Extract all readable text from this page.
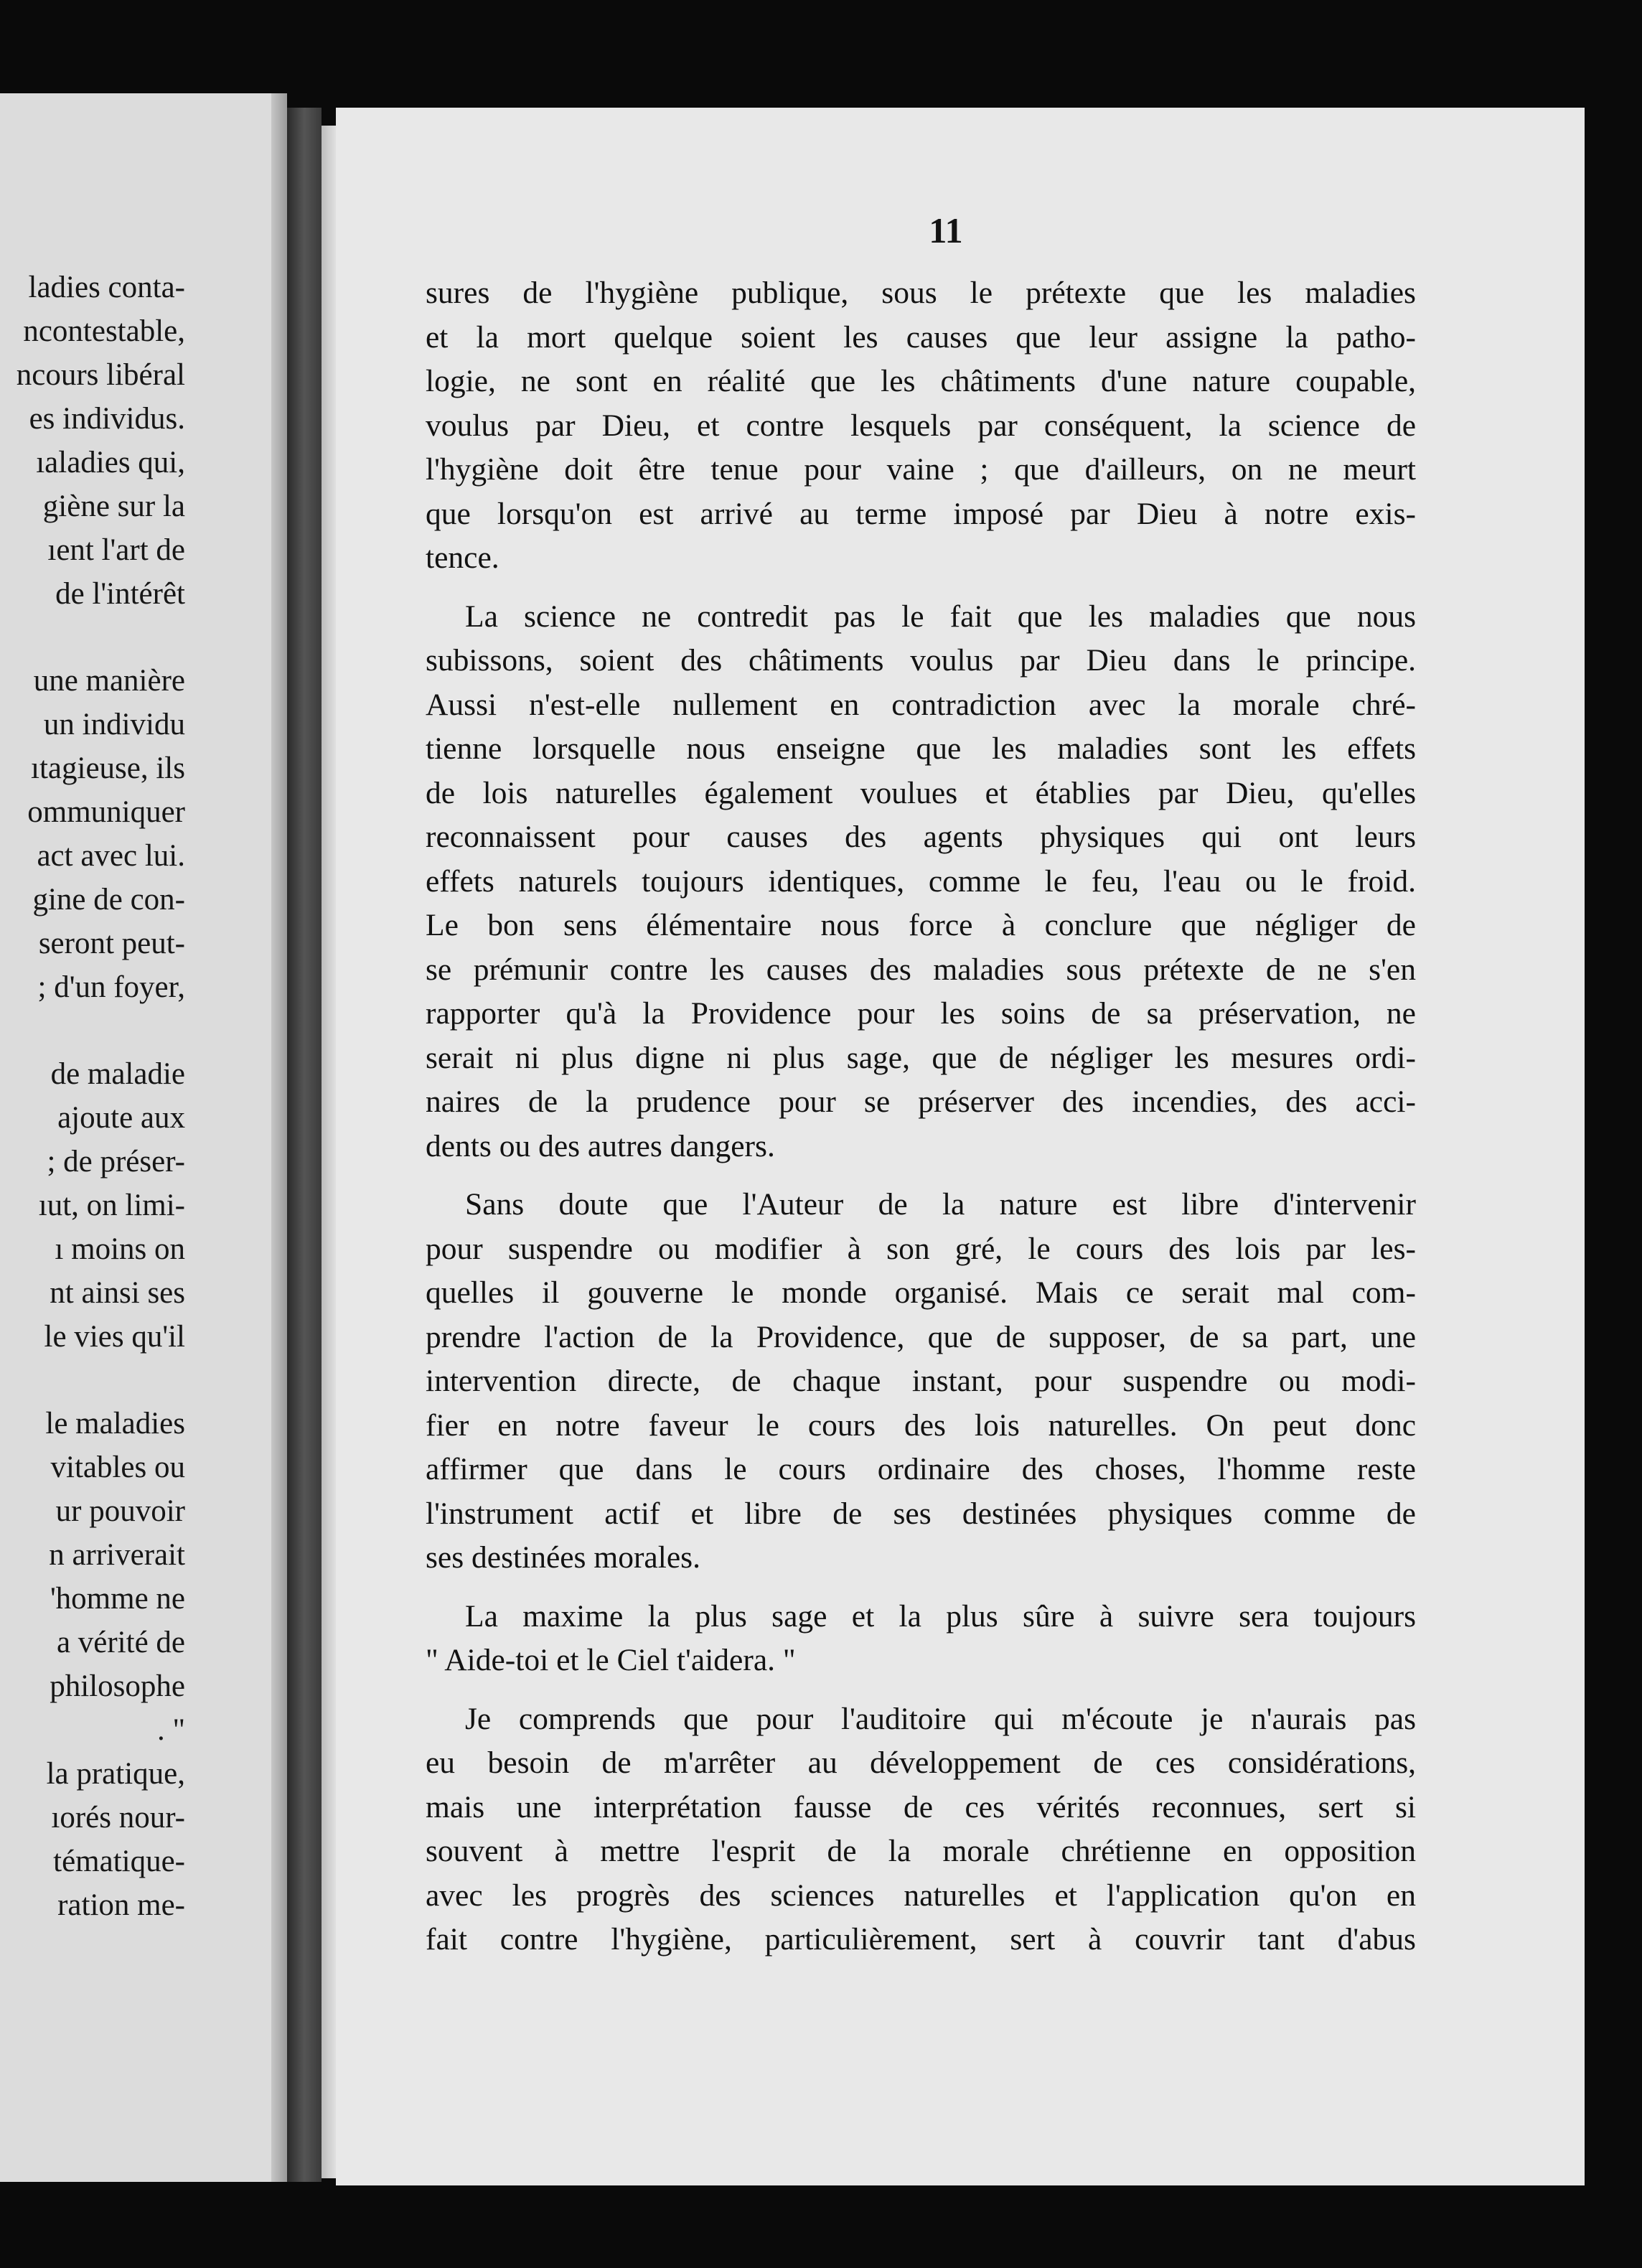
ladies conta-
ncontestable,
ncours libéral
es individus.
ıaladies qui,
giène sur la
ıent l'art de
de l'intérêt
une manière
un individu
ıtagieuse, ils
ommuniquer
act avec lui.
gine de con-
seront peut-
; d'un foyer,
de maladie
ajoute aux
; de préser-
ıut, on limi-
ı moins on
nt ainsi ses
le vies qu'il
le maladies
vitables ou
ur pouvoir
n arriverait
'homme ne
a vérité de
philosophe
. "
la pratique,
ıorés nour-
tématique-
ration me-
11
sures de l'hygiène publique, sous le prétexte que les maladies
et la mort quelque soient les causes que leur assigne la patho-
logie, ne sont en réalité que les châtiments d'une nature coupable,
voulus par Dieu, et contre lesquels par conséquent, la science de
l'hygiène doit être tenue pour vaine ; que d'ailleurs, on ne meurt
que lorsqu'on est arrivé au terme imposé par Dieu à notre exis-
tence.
La science ne contredit pas le fait que les maladies que nous
subissons, soient des châtiments voulus par Dieu dans le principe.
Aussi n'est-elle nullement en contradiction avec la morale chré-
tienne lorsquelle nous enseigne que les maladies sont les effets
de lois naturelles également voulues et établies par Dieu, qu'elles
reconnaissent pour causes des agents physiques qui ont leurs
effets naturels toujours identiques, comme le feu, l'eau ou le froid.
Le bon sens élémentaire nous force à conclure que négliger de
se prémunir contre les causes des maladies sous prétexte de ne s'en
rapporter qu'à la Providence pour les soins de sa préservation, ne
serait ni plus digne ni plus sage, que de négliger les mesures ordi-
naires de la prudence pour se préserver des incendies, des acci-
dents ou des autres dangers.
Sans doute que l'Auteur de la nature est libre d'intervenir
pour suspendre ou modifier à son gré, le cours des lois par les-
quelles il gouverne le monde organisé. Mais ce serait mal com-
prendre l'action de la Providence, que de supposer, de sa part, une
intervention directe, de chaque instant, pour suspendre ou modi-
fier en notre faveur le cours des lois naturelles. On peut donc
affirmer que dans le cours ordinaire des choses, l'homme reste
l'instrument actif et libre de ses destinées physiques comme de
ses destinées morales.
La maxime la plus sage et la plus sûre à suivre sera toujours
" Aide-toi et le Ciel t'aidera. "
Je comprends que pour l'auditoire qui m'écoute je n'aurais pas
eu besoin de m'arrêter au développement de ces considérations,
mais une interprétation fausse de ces vérités reconnues, sert si
souvent à mettre l'esprit de la morale chrétienne en opposition
avec les progrès des sciences naturelles et l'application qu'on en
fait contre l'hygiène, particulièrement, sert à couvrir tant d'abus
